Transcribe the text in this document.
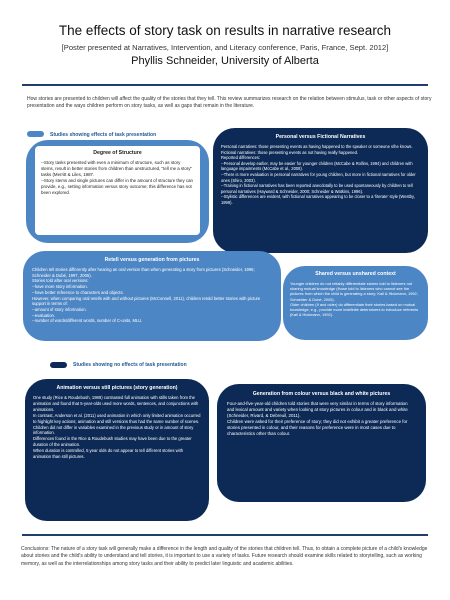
The effects of story task on results in narrative research
[Poster presented at Narratives, Intervention, and Literacy conference, Paris, France, Sept. 2012]
Phyllis Schneider, University of Alberta
How stories are presented to children will affect the quality of the stories that they tell. This review summarizes research on the relation between stimulus, task or other aspects of story presentation and the ways children perform on story tasks, as well as gaps that remain in the literature.
Studies showing effects of task presentation
Degree of Structure
--Story tasks presented with even a minimum of structure, such as story stems, result in better stories from children than unstructured, "tell me a story" tasks (Merritt & Liles, 1987.
--Story stems and single pictures can differ in the amount of structure they can provide, e.g., setting information versus story outcome; this difference has not been explored.
Personal versus Fictional Narratives
Personal narratives: those presenting events as having happened to the speaker or someone s/he knows.
Fictional narratives: those presenting events as not having really happened.
Reported differences:
--Personal develop earlier, may be easier for younger children (McCabe & Rollins, 1994) and children with language impairments (McCabe et al., 2008).
--There is more evaluation in personal narratives for young children, but more in fictional narratives for older ones (Shiro, 2003).
--Training in fictional narratives has been reported anecdotally to be used spontaneously by children to tell personal narratives (Hayward & Schneider, 2000; Schneider & Watkins, 1996).
--Stylistic differences are evident, with fictional narratives appearing to be closer to a 'literate' style (Westby, 1999).
Retell versus generation from pictures
Children tell stories differently after hearing an oral version than when generating a story from pictures (Schneider, 1996; Schneider & Dubé, 1997, 2005).
Stories told after oral versions:
--have more story information.
--have better reference to characters and objects.
However, when comparing oral retells with and without pictures (McConnell, 2011), children retold better stories with picture support in terms of:
--amount of story information.
--evaluation.
--number of words/different words, number of C-units, MLU.
Shared versus unshared context
Younger children do not reliably differentiate stories told to listeners not sharing mutual knowledge (those told to listeners who cannot see the pictures from which the child is generating a story; Kail & Hickmann, 1992; Schneider & Dubé, 2005).
Older children (9 and older) do differentiate their stories based on mutual knowledge, e.g., provide more indefinite determiners to introduce referents (Kail & Hickmann, 1992).
Studies showing no effects of task presentation
Animation versus still pictures (story generation)
One study (Rice & Roudebush, 1989) contrasted full animation with stills taken from the animation and found that 5-year-olds used more words, sentences, and conjunctions with animations.
In contrast, Anderson et al. (2011) used animation in which only limited animation occurred to highlight key actions; animation and still versions thus had the same number of scenes. Children did not differ in variables examined in the previous study or in amount of story information.
Differences found in the Rice & Roudebush studies may have been due to the greater duration of the animation.
When duration is controlled, 5 year olds do not appear to tell different stories with animation than still pictures.
Generation from colour versus black and white pictures
Four-and-five-year-old children told stories that were very similar in terms of story information and lexical amount and variety when looking at story pictures in colour and in black and white (Schneider, Rivard, & Debreuil, 2011).
Children were asked for their preference of story; they did not exhibit a greater preference for stories presented in colour, and their reasons for preference were in most cases due to characteristics other than colour.
Conclusions: The nature of a story task will generally make a difference in the length and quality of the stories that children tell. Thus, to obtain a complete picture of a child's knowledge about stories and the child's ability to understand and tell stories, it is important to use a variety of tasks. Future research should examine skills related to storytelling, such as working memory, as well as the interrelationships among story tasks and their ability to predict later linguistic and academic abilities.
